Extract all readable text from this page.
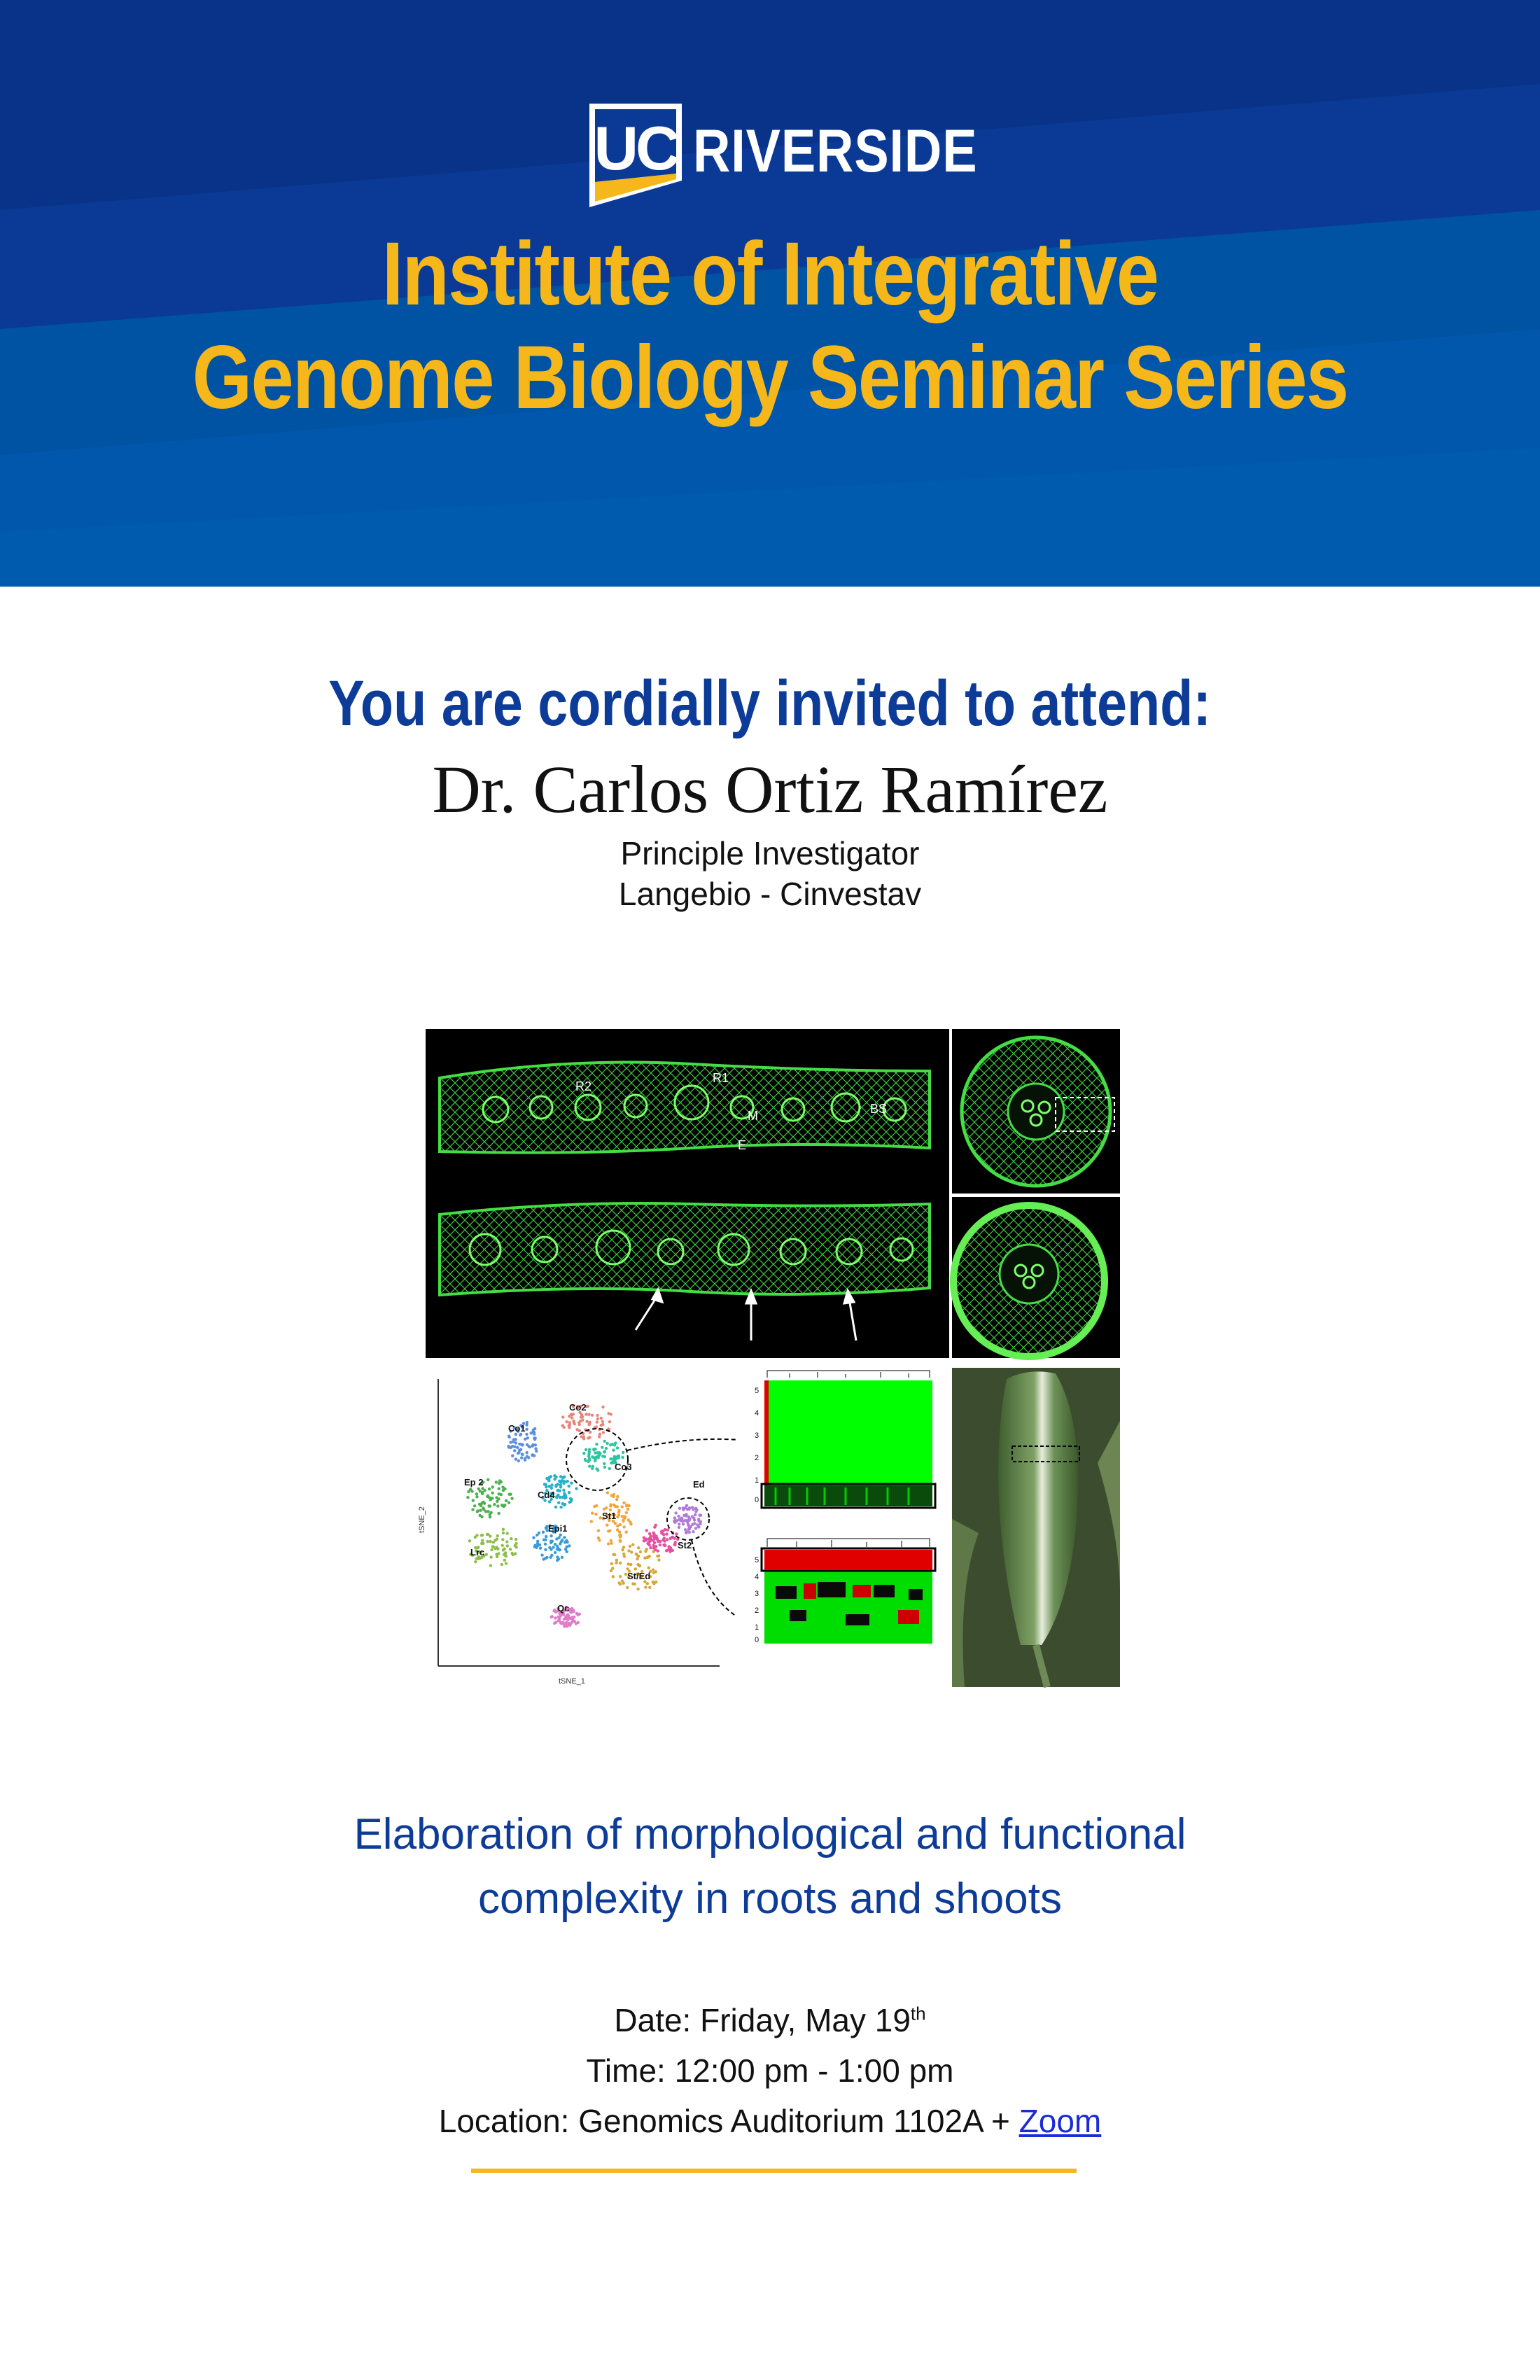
UC RIVERSIDE
Institute of Integrative
Genome Biology Seminar Series
You are cordially invited to attend:
Dr. Carlos Ortiz Ramírez
Principle Investigator
Langebio - Cinvestav
R2
R1
M	BS
E
Co2
Co1
Co3
Ep 2
Cd4
Ed
St1
Epi1
Lrc
St2
St/Ed
Qc
tSNE_1
tSNE_2
5
4
3
2
1
0
5
4
3
2
1
0
Elaboration of morphological and functional
complexity in roots and shoots
Date: Friday, May 19th
Time: 12:00 pm - 1:00 pm
Location: Genomics Auditorium 1102A + Zoom
